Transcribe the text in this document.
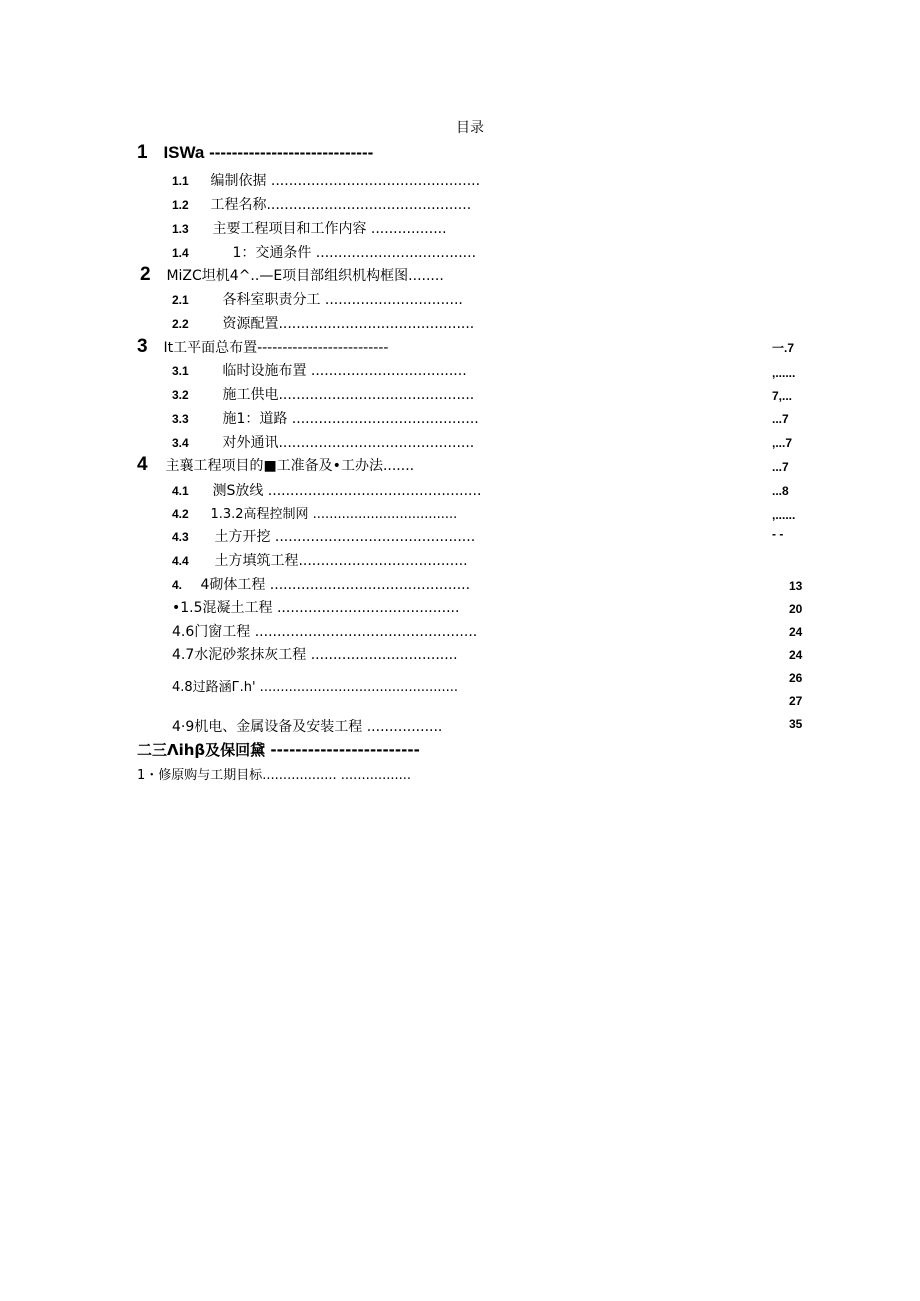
目录
1 ISWa -----------------------------
1.1 编制依据 ...............................................
1.2 工程名称..............................................
1.3 主要工程项目和工作内容 .................
1.4	1：交通条件 ....................................
2 MiZC坦机4^..—E项目部组织机构框图........
2.1 各科室职责分工 ...............................
2.2 资源配置............................................
3 It工平面总布置--------------------------
3.1 临时设施布置 ...................................
3.2 施工供电............................................
3.3 施1：道路 ..........................................
3.4 对外通讯............................................
4 主襄工程项目的■工准备及•工办法.......
4.1 测S放线 ................................................
4.2 1.3.2高程控制网 ...................................
4.3 土方开挖 .............................................
4.4 土方填筑工程......................................
4. 4砌体工程 .............................................
•1.5混凝土工程 .........................................
4.6门窗工程 ..................................................
4.7水泥砂浆抹灰工程 .................................
4.8过路涵Г.h' ................................................
4·9机电、金属设备及安装工程 .................
二三Λihβ及保回黛 ------------------------
1・修原购与工期目标.................. .................
一.7
,......
7,...
...7
,...7
...7
...8
,......
- -
13
20
24
24
26
27
35
